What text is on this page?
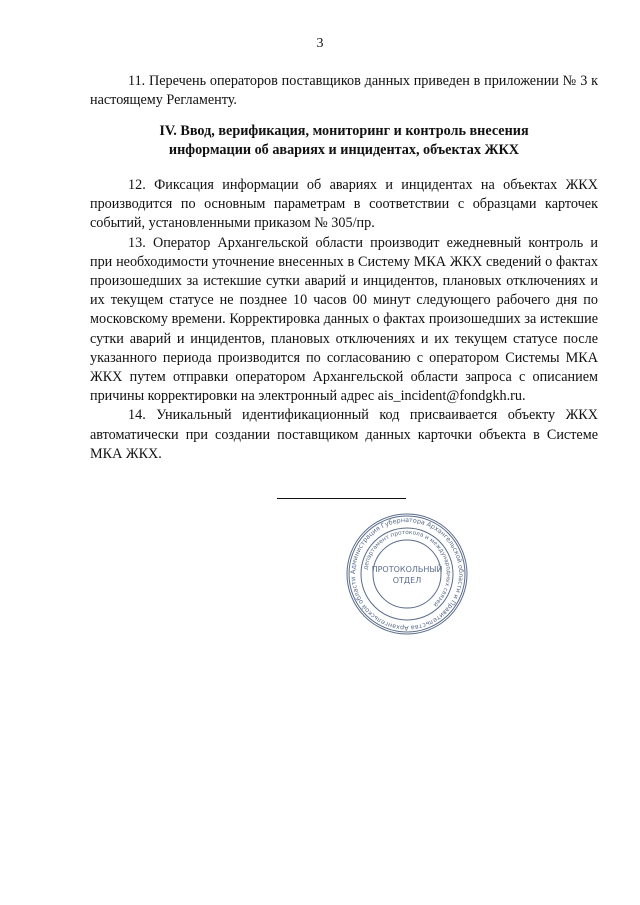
3

11. Перечень операторов поставщиков данных приведен в приложении № 3 к настоящему Регламенту.

IV. Ввод, верификация, мониторинг и контроль внесения
информации об авариях и инцидентах, объектах ЖКХ

12. Фиксация информации об авариях и инцидентах на объектах ЖКХ производится по основным параметрам в соответствии с образцами карточек событий, установленными приказом № 305/пр.

13. Оператор Архангельской области производит ежедневный контроль и при необходимости уточнение внесенных в Систему МКА ЖКХ сведений о фактах произошедших за истекшие сутки аварий и инцидентов, плановых отключениях и их текущем статусе не позднее 10 часов 00 минут следующего рабочего дня по московскому времени. Корректировка данных о фактах произошедших за истекшие сутки аварий и инцидентов, плановых отключениях и их текущем статусе после указанного периода производится по согласованию с оператором Системы МКА ЖКХ путем отправки оператором Архангельской области запроса с описанием причины корректировки на электронный адрес ais_incident@fondgkh.ru.

14. Уникальный идентификационный код присваивается объекту ЖКХ автоматически при создании поставщиком данных карточки объекта в Системе МКА ЖКХ.

Администрация Губернатора Архангельской области и Правительства Архангельской области
департамент протокола и международных связей
ПРОТОКОЛЬНЫЙ
ОТДЕЛ
